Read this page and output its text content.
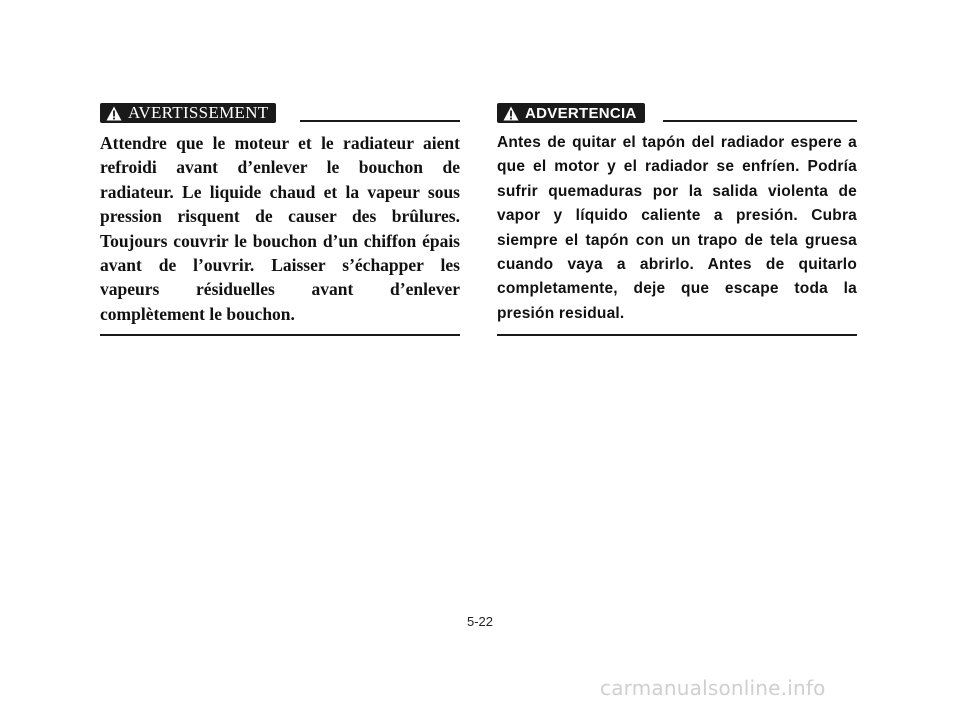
AVERTISSEMENT

Attendre que le moteur et le radiateur aient refroidi avant d’enlever le bouchon de radiateur. Le liquide chaud et la vapeur sous pression risquent de causer des brûlures. Toujours couvrir le bouchon d’un chiffon épais avant de l’ouvrir. Laisser s’échapper les vapeurs résiduelles avant d’enlever complètement le bouchon.

ADVERTENCIA

Antes de quitar el tapón del radiador espere a que el motor y el radiador se enfríen. Podría sufrir quemaduras por la salida violenta de vapor y líquido caliente a presión. Cubra siempre el tapón con un trapo de tela gruesa cuando vaya a abrirlo. Antes de quitarlo completamente, deje que escape toda la presión residual.

5-22
carmanualsonline.info
